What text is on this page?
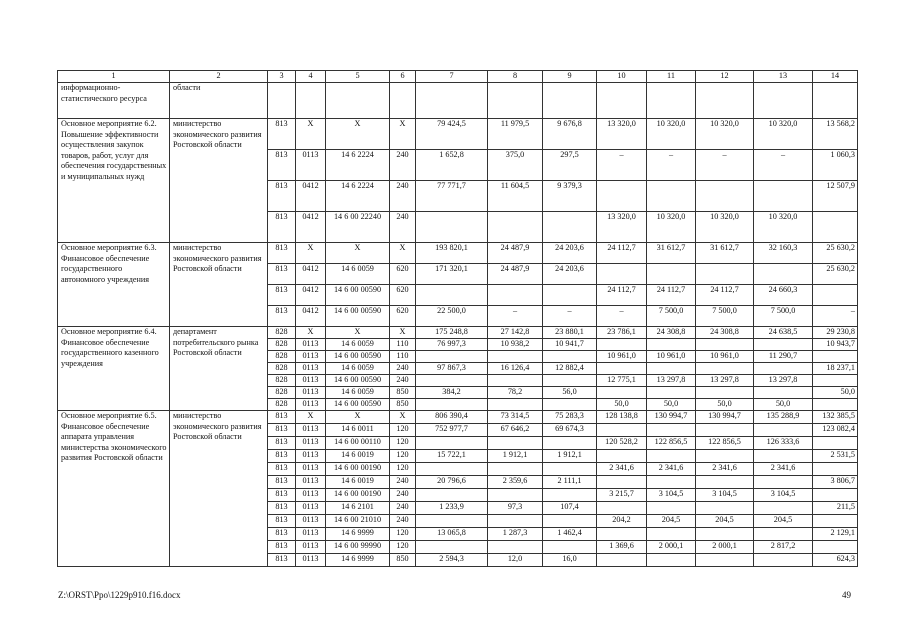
1	2	3	4	5	6	7	8	9	10	11	12	13	14
информационно-статистического ресурса	области												
Основное мероприятие 6.2. Повышение эффективности осуществления закупок товаров, работ, услуг для обеспечения государственных и муниципальных нужд	министерство экономического развития Ростовской области	813	Х	Х	Х	79 424,5	11 979,5	9 676,8	13 320,0	10 320,0	10 320,0	10 320,0	13 568,2
		813	0113	14 6 2224	240	1 652,8	375,0	297,5	–	–	–	–	1 060,3
		813	0412	14 6 2224	240	77 771,7	11 604,5	9 379,3					12 507,9
		813	0412	14 6 00 22240	240				13 320,0	10 320,0	10 320,0	10 320,0	
Основное мероприятие 6.3. Финансовое обеспечение государственного автономного учреждения	министерство экономического развития Ростовской области	813	Х	Х	Х	193 820,1	24 487,9	24 203,6	24 112,7	31 612,7	31 612,7	32 160,3	25 630,2
		813	0412	14 6 0059	620	171 320,1	24 487,9	24 203,6					25 630,2
		813	0412	14 6 00 00590	620				24 112,7	24 112,7	24 112,7	24 660,3	
		813	0412	14 6 00 00590	620	22 500,0	–	–	–	7 500,0	7 500,0	7 500,0	–
Основное мероприятие 6.4. Финансовое обеспечение государственного казенного учреждения	департамент потребительского рынка Ростовской области	828	Х	Х	Х	175 248,8	27 142,8	23 880,1	23 786,1	24 308,8	24 308,8	24 638,5	29 230,8
		828	0113	14 6 0059	110	76 997,3	10 938,2	10 941,7					10 943,7
		828	0113	14 6 00 00590	110				10 961,0	10 961,0	10 961,0	11 290,7	
		828	0113	14 6 0059	240	97 867,3	16 126,4	12 882,4					18 237,1
		828	0113	14 6 00 00590	240				12 775,1	13 297,8	13 297,8	13 297,8	
		828	0113	14 6 0059	850	384,2	78,2	56,0					50,0
		828	0113	14 6 00 00590	850				50,0	50,0	50,0	50,0	
Основное мероприятие 6.5. Финансовое обеспечение аппарата управления министерства экономического развития Ростовской области	министерство экономического развития Ростовской области	813	Х	Х	Х	806 390,4	73 314,5	75 283,3	128 138,8	130 994,7	130 994,7	135 288,9	132 385,5
		813	0113	14 6 0011	120	752 977,7	67 646,2	69 674,3					123 082,4
		813	0113	14 6 00 00110	120				120 528,2	122 856,5	122 856,5	126 333,6	
		813	0113	14 6 0019	120	15 722,1	1 912,1	1 912,1					2 531,5
		813	0113	14 6 00 00190	120				2 341,6	2 341,6	2 341,6	2 341,6	
		813	0113	14 6 0019	240	20 796,6	2 359,6	2 111,1					3 806,7
		813	0113	14 6 00 00190	240				3 215,7	3 104,5	3 104,5	3 104,5	
		813	0113	14 6 2101	240	1 233,9	97,3	107,4					211,5
		813	0113	14 6 00 21010	240				204,2	204,5	204,5	204,5	
		813	0113	14 6 9999	120	13 065,8	1 287,3	1 462,4					2 129,1
		813	0113	14 6 00 99990	120				1 369,6	2 000,1	2 000,1	2 817,2	
		813	0113	14 6 9999	850	2 594,3	12,0	16,0					624,3
Z:\ORST\Ppo\1229p910.f16.docx	49
